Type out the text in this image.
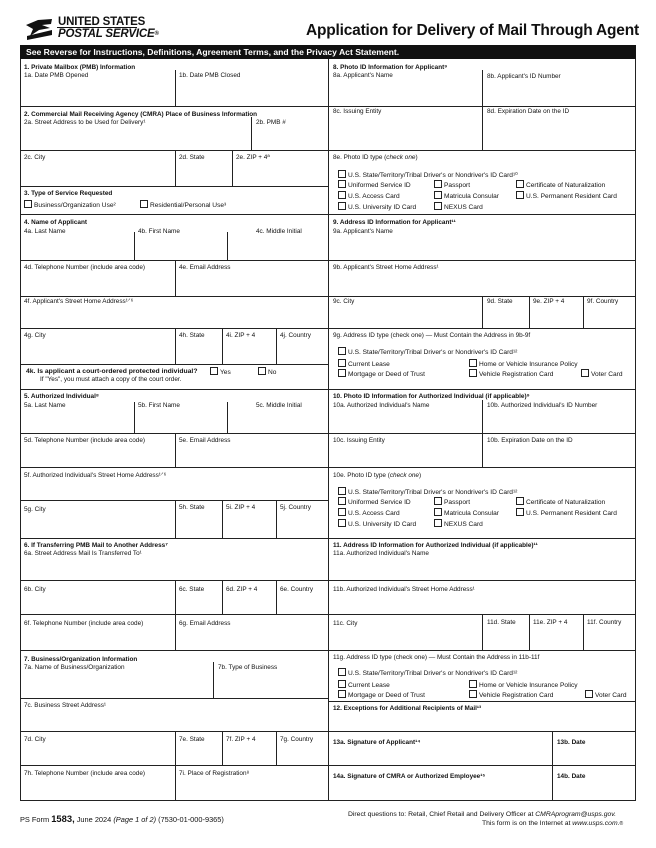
UNITED STATES
POSTAL SERVICE®	Application for Delivery of Mail Through Agent
See Reverse for Instructions, Definitions, Agreement Terms, and the Privacy Act Statement.
1. Private Mailbox (PMB) Information
1a. Date PMB Opened	1b. Date PMB Closed
2. Commercial Mail Receiving Agency (CMRA) Place of Business Information
2a. Street Address to be Used for Delivery¹	2b. PMB #
2c. City	2d. State	2e. ZIP + 4ª
3. Type of Service Requested
Business/Organization Use²	Residential/Personal Use³
4. Name of Applicant
4a. Last Name	4b. First Name	4c. Middle Initial
4d. Telephone Number (include area code)	4e. Email Address
4f. Applicant's Street Home Address¹ᐟ⁶
4g. City	4h. State	4i. ZIP + 4	4j. Country
4k. Is applicant a court-ordered protected individual?	Yes	No
If "Yes", you must attach a copy of the court order.
5. Authorized Individual⁸
5a. Last Name	5b. First Name	5c. Middle Initial
5d. Telephone Number (include area code)	5e. Email Address
5f. Authorized Individual's Street Home Address¹ᐟ⁶
5g. City	5h. State	5i. ZIP + 4	5j. Country
6. If Transferring PMB Mail to Another Address⁷
6a. Street Address Mail Is Transferred To¹
6b. City	6c. State	6d. ZIP + 4	6e. Country
6f. Telephone Number (include area code)	6g. Email Address
7. Business/Organization Information
7a. Name of Business/Organization	7b. Type of Business
7c. Business Street Address¹
7d. City	7e. State	7f. ZIP + 4	7g. Country
7h. Telephone Number (include area code)	7i. Place of Registration⁸
8. Photo ID Information for Applicant⁹
8a. Applicant's Name	8b. Applicant's ID Number
8c. Issuing Entity	8d. Expiration Date on the ID
8e. Photo ID type (check one)
U.S. State/Territory/Tribal Driver's or Nondriver's ID Card¹⁰
Uniformed Service ID	Passport	Certificate of Naturalization
U.S. Access Card	Matricula Consular	U.S. Permanent Resident Card
U.S. University ID Card	NEXUS Card
9. Address ID Information for Applicant¹¹
9a. Applicant's Name
9b. Applicant's Street Home Address¹
9c. City	9d. State	9e. ZIP + 4	9f. Country
9g. Address ID type (check one) — Must Contain the Address in 9b-9f
U.S. State/Territory/Tribal Driver's or Nondriver's ID Card¹²
Current Lease	Home or Vehicle Insurance Policy
Mortgage or Deed of Trust	Vehicle Registration Card	Voter Card
10. Photo ID Information for Authorized Individual (if applicable)⁹
10a. Authorized Individual's Name	10b. Authorized Individual's ID Number
10c. Issuing Entity	10b. Expiration Date on the ID
10e. Photo ID type (check one)
U.S. State/Territory/Tribal Driver's or Nondriver's ID Card¹²
Uniformed Service ID	Passport	Certificate of Naturalization
U.S. Access Card	Matricula Consular	U.S. Permanent Resident Card
U.S. University ID Card	NEXUS Card
11. Address ID Information for Authorized Individual (if applicable)¹¹
11a. Authorized Individual's Name
11b. Authorized Individual's Street Home Address¹
11c. City	11d. State	11e. ZIP + 4	11f. Country
11g. Address ID type (check one) — Must Contain the Address in 11b-11f
U.S. State/Territory/Tribal Driver's or Nondriver's ID Card¹²
Current Lease	Home or Vehicle Insurance Policy
Mortgage or Deed of Trust	Vehicle Registration Card	Voter Card
12. Exceptions for Additional Recipients of Mail¹³
13a. Signature of Applicant¹⁴	13b. Date
14a. Signature of CMRA or Authorized Employee¹⁵	14b. Date
PS Form 1583, June 2024 (Page 1 of 2) (7530-01-000-9365)
Direct questions to: Retail, Chief Retail and Delivery Officer at CMRAprogram@usps.gov.
This form is on the Internet at www.usps.com.®
